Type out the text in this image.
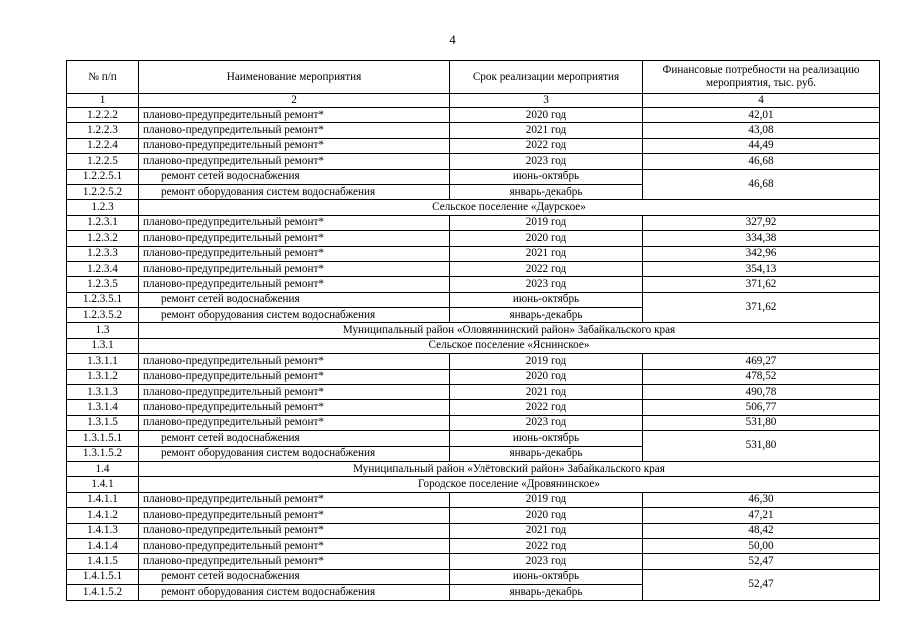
4
№ п/п	Наименование мероприятия	Срок реализации мероприятия	Финансовые потребности на реализацию мероприятия, тыс. руб.
1	2	3	4
1.2.2.2	планово-предупредительный ремонт*	2020 год	42,01
1.2.2.3	планово-предупредительный ремонт*	2021 год	43,08
1.2.2.4	планово-предупредительный ремонт*	2022 год	44,49
1.2.2.5	планово-предупредительный ремонт*	2023 год	46,68
1.2.2.5.1	ремонт сетей водоснабжения	июнь-октябрь	46,68
1.2.2.5.2	ремонт оборудования систем водоснабжения	январь-декабрь	
1.2.3	Сельское поселение «Даурское»		
1.2.3.1	планово-предупредительный ремонт*	2019 год	327,92
1.2.3.2	планово-предупредительный ремонт*	2020 год	334,38
1.2.3.3	планово-предупредительный ремонт*	2021 год	342,96
1.2.3.4	планово-предупредительный ремонт*	2022 год	354,13
1.2.3.5	планово-предупредительный ремонт*	2023 год	371,62
1.2.3.5.1	ремонт сетей водоснабжения	июнь-октябрь	371,62
1.2.3.5.2	ремонт оборудования систем водоснабжения	январь-декабрь	
1.3	Муниципальный район «Оловяннинский район» Забайкальского края		
1.3.1	Сельское поселение «Яснинское»		
1.3.1.1	планово-предупредительный ремонт*	2019 год	469,27
1.3.1.2	планово-предупредительный ремонт*	2020 год	478,52
1.3.1.3	планово-предупредительный ремонт*	2021 год	490,78
1.3.1.4	планово-предупредительный ремонт*	2022 год	506,77
1.3.1.5	планово-предупредительный ремонт*	2023 год	531,80
1.3.1.5.1	ремонт сетей водоснабжения	июнь-октябрь	531,80
1.3.1.5.2	ремонт оборудования систем водоснабжения	январь-декабрь	
1.4	Муниципальный район «Улётовский район» Забайкальского края		
1.4.1	Городское поселение «Дровянинское»		
1.4.1.1	планово-предупредительный ремонт*	2019 год	46,30
1.4.1.2	планово-предупредительный ремонт*	2020 год	47,21
1.4.1.3	планово-предупредительный ремонт*	2021 год	48,42
1.4.1.4	планово-предупредительный ремонт*	2022 год	50,00
1.4.1.5	планово-предупредительный ремонт*	2023 год	52,47
1.4.1.5.1	ремонт сетей водоснабжения	июнь-октябрь	52,47
1.4.1.5.2	ремонт оборудования систем водоснабжения	январь-декабрь	
